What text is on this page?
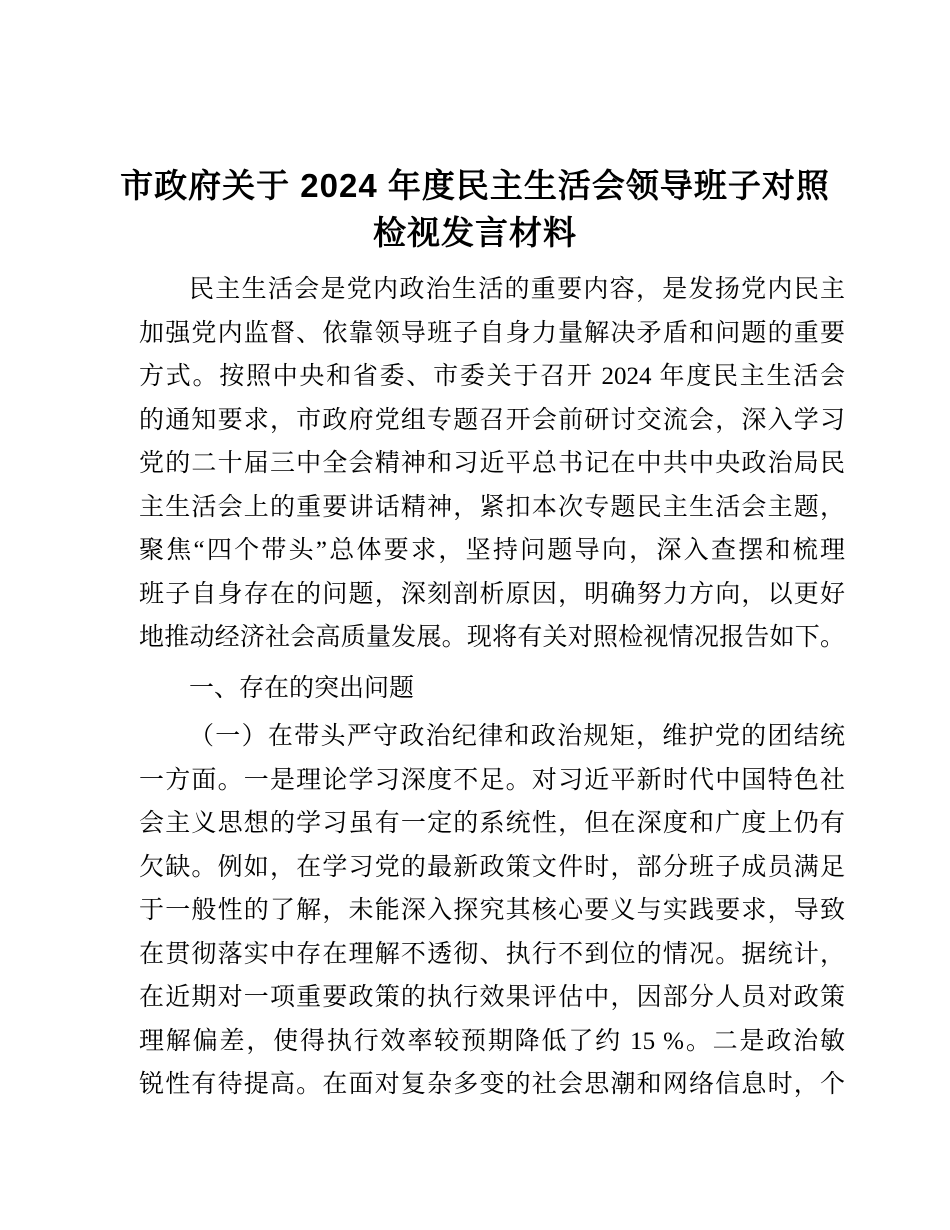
市政府关于 2024 年度民主生活会领导班子对照
检视发言材料

民主生活会是党内政治生活的重要内容，是发扬党内民主

加强党内监督、依靠领导班子自身力量解决矛盾和问题的重要

方式。按照中央和省委、市委关于召开 2024 年度民主生活会

的通知要求，市政府党组专题召开会前研讨交流会，深入学习

党的二十届三中全会精神和习近平总书记在中共中央政治局民

主生活会上的重要讲话精神，紧扣本次专题民主生活会主题，

聚焦“四个带头”总体要求，坚持问题导向，深入查摆和梳理

班子自身存在的问题，深刻剖析原因，明确努力方向，以更好

地推动经济社会高质量发展。现将有关对照检视情况报告如下。

一、存在的突出问题

（一）在带头严守政治纪律和政治规矩，维护党的团结统

一方面。一是理论学习深度不足。对习近平新时代中国特色社

会主义思想的学习虽有一定的系统性，但在深度和广度上仍有

欠缺。例如，在学习党的最新政策文件时，部分班子成员满足

于一般性的了解，未能深入探究其核心要义与实践要求，导致

在贯彻落实中存在理解不透彻、执行不到位的情况。据统计，

在近期对一项重要政策的执行效果评估中，因部分人员对政策

理解偏差，使得执行效率较预期降低了约 15 %。二是政治敏

锐性有待提高。在面对复杂多变的社会思潮和网络信息时，个
